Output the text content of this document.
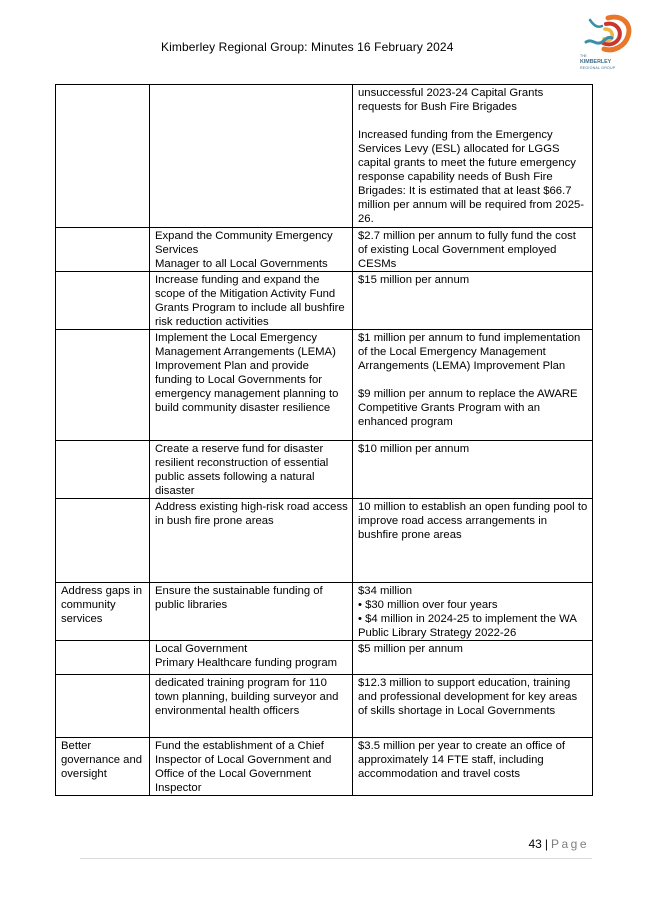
Kimberley Regional Group: Minutes 16 February 2024
THE
KIMBERLEY
REGIONAL GROUP

		unsuccessful 2023-24 Capital Grants requests for Bush Fire Brigades
Increased funding from the Emergency Services Levy (ESL) allocated for LGGS capital grants to meet the future emergency response capability needs of Bush Fire Brigades: It is estimated that at least $66.7 million per annum will be required from 2025-26.

	Expand the Community Emergency Services
Manager to all Local Governments	$2.7 million per annum to fully fund the cost of existing Local Government employed CESMs

	Increase funding and expand the scope of the Mitigation Activity Fund Grants Program to include all bushfire risk reduction activities	$15 million per annum

	Implement the Local Emergency Management Arrangements (LEMA) Improvement Plan and provide funding to Local Governments for
emergency management planning to build community disaster resilience	$1 million per annum to fund implementation of the Local Emergency Management Arrangements (LEMA) Improvement Plan
$9 million per annum to replace the AWARE Competitive Grants Program with an enhanced program

	Create a reserve fund for disaster resilient reconstruction of essential public assets following a natural disaster	$10 million per annum

	Address existing high-risk road access in bush fire prone areas	10 million to establish an open funding pool to improve road access arrangements in bushfire prone areas

Address gaps in community services	Ensure the sustainable funding of public libraries	$34 million
• $30 million over four years
• $4 million in 2024-25 to implement the WA Public Library Strategy 2022-26

	Local Government
Primary Healthcare funding program	$5 million per annum

	dedicated training program for 110 town planning, building surveyor and environmental health officers	$12.3 million to support education, training and professional development for key areas of skills shortage in Local Governments

Better governance and oversight	Fund the establishment of a Chief Inspector of Local Government and Office of the Local Government Inspector	$3.5 million per year to create an office of approximately 14 FTE staff, including accommodation and travel costs
43 | Page
